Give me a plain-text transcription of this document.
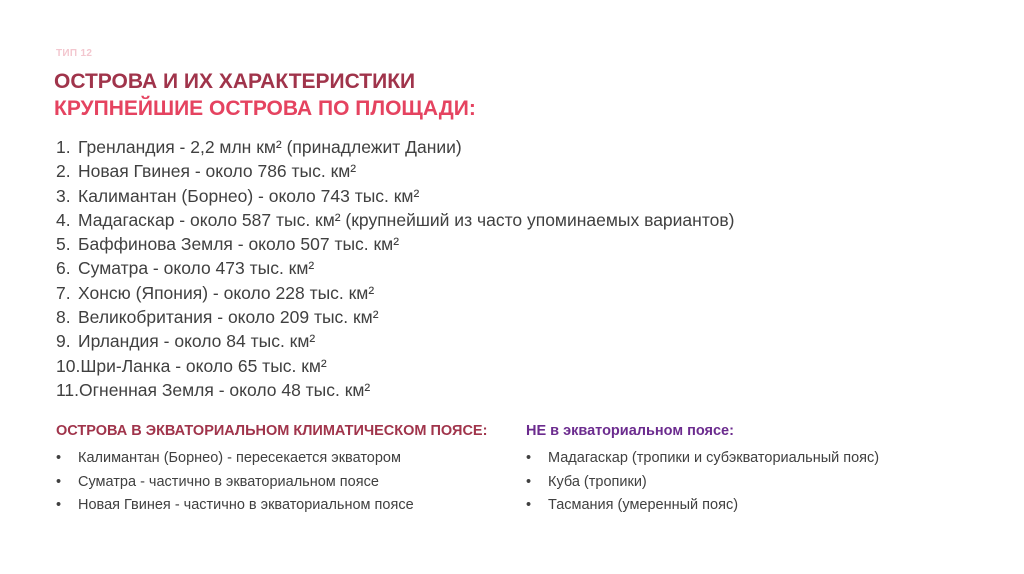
ТИП 12
ОСТРОВА И ИХ ХАРАКТЕРИСТИКИ
КРУПНЕЙШИЕ ОСТРОВА ПО ПЛОЩАДИ:
1. Гренландия - 2,2 млн км² (принадлежит Дании)
2. Новая Гвинея - около 786 тыс. км²
3. Калимантан (Борнео) - около 743 тыс. км²
4. Мадагаскар - около 587 тыс. км² (крупнейший из часто упоминаемых вариантов)
5. Баффинова Земля - около 507 тыс. км²
6. Суматра - около 473 тыс. км²
7. Хонсю (Япония) - около 228 тыс. км²
8. Великобритания - около 209 тыс. км²
9. Ирландия - около 84 тыс. км²
10.Шри-Ланка - около 65 тыс. км²
11.Огненная Земля - около 48 тыс. км²
ОСТРОВА В ЭКВАТОРИАЛЬНОМ КЛИМАТИЧЕСКОМ ПОЯСЕ:
• Калимантан (Борнео) - пересекается экватором
• Суматра - частично в экваториальном поясе
• Новая Гвинея - частично в экваториальном поясе
НЕ в экваториальном поясе:
• Мадагаскар (тропики и субэкваториальный пояс)
• Куба (тропики)
• Тасмания (умеренный пояс)
